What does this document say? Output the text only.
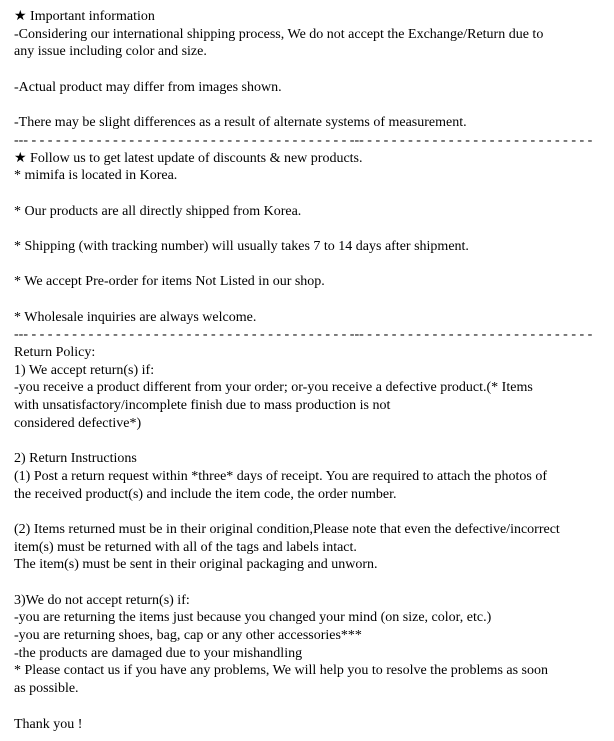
★ Important information
-Considering our international shipping process, We do not accept the Exchange/Return due to
any issue including color and size.
-Actual product may differ from images shown.
-There may be slight differences as a result of alternate systems of measurement.
--- - - - - - - - - - - - - - - - - - - - - - - - - - - - - - - - - - - - - - - - --- - - - - - - - - - - - - - - - - - - - - - - - - - - - -
★ Follow us to get latest update of discounts & new products.
* mimifa is located in Korea.
* Our products are all directly shipped from Korea.
* Shipping (with tracking number) will usually takes 7 to 14 days after shipment.
* We accept Pre-order for items Not Listed in our shop.
* Wholesale inquiries are always welcome.
--- - - - - - - - - - - - - - - - - - - - - - - - - - - - - - - - - - - - - - - - --- - - - - - - - - - - - - - - - - - - - - - - - - - - - -
Return Policy:
1) We accept return(s) if:
-you receive a product different from your order; or-you receive a defective product.(* Items
with unsatisfactory/incomplete finish due to mass production is not
considered defective*)
2) Return Instructions
(1) Post a return request within *three* days of receipt. You are required to attach the photos of
the received product(s) and include the item code, the order number.
(2) Items returned must be in their original condition,Please note that even the defective/incorrect
item(s) must be returned with all of the tags and labels intact.
The item(s) must be sent in their original packaging and unworn.
3)We do not accept return(s) if:
-you are returning the items just because you changed your mind (on size, color, etc.)
-you are returning shoes, bag, cap or any other accessories***
-the products are damaged due to your mishandling
* Please contact us if you have any problems, We will help you to resolve the problems as soon
as possible.
Thank you !
